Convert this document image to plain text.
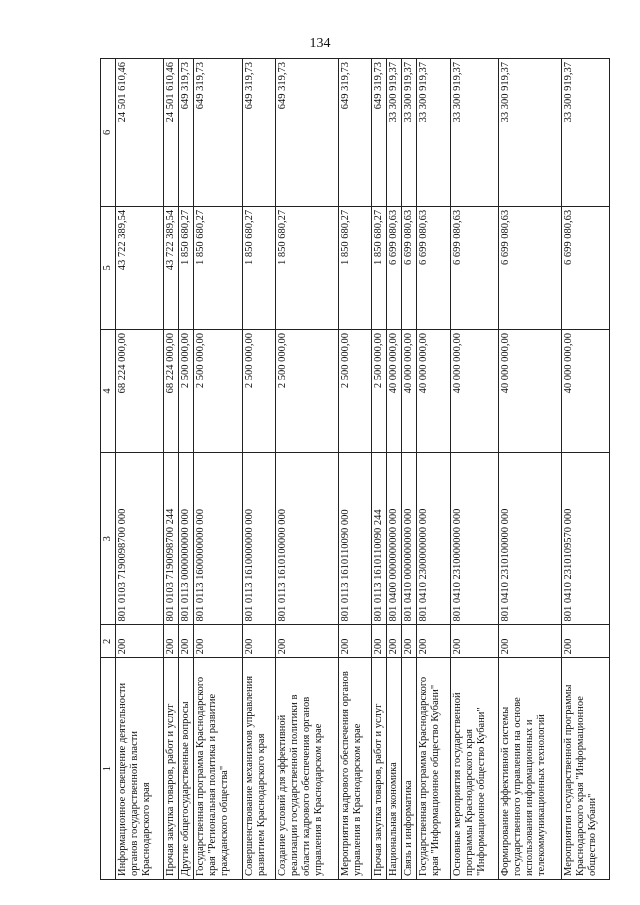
134
1	2	3	4	5	6
Информационное освещение деятельности органов государственной власти Краснодарского края	200	801 0103 7190098700 000	68 224 000,00	43 722 389,54	24 501 610,46
Прочая закупка товаров, работ и услуг	200	801 0103 7190098700 244	68 224 000,00	43 722 389,54	24 501 610,46
Другие общегосударственные вопросы	200	801 0113 0000000000 000	2 500 000,00	1 850 680,27	649 319,73
Государственная программа Краснодарского края "Региональная политика и развитие гражданского общества"	200	801 0113 1600000000 000	2 500 000,00	1 850 680,27	649 319,73
Совершенствование механизмов управления развитием Краснодарского края	200	801 0113 1610000000 000	2 500 000,00	1 850 680,27	649 319,73
Создание условий для эффективной реализации государственной политики в области кадрового обеспечения органов управления в Краснодарском крае	200	801 0113 1610100000 000	2 500 000,00	1 850 680,27	649 319,73
Мероприятия кадрового обеспечения органов управления в Краснодарском крае	200	801 0113 1610110090 000	2 500 000,00	1 850 680,27	649 319,73
Прочая закупка товаров, работ и услуг	200	801 0113 1610110090 244	2 500 000,00	1 850 680,27	649 319,73
Национальная экономика	200	801 0400 0000000000 000	40 000 000,00	6 699 080,63	33 300 919,37
Связь и информатика	200	801 0410 0000000000 000	40 000 000,00	6 699 080,63	33 300 919,37
Государственная программа Краснодарского края "Информационное общество Кубани"	200	801 0410 2300000000 000	40 000 000,00	6 699 080,63	33 300 919,37
Основные мероприятия государственной программы Краснодарского края "Информационное общество Кубани"	200	801 0410 2310000000 000	40 000 000,00	6 699 080,63	33 300 919,37
Формирование эффективной системы государственного управления на основе использования информационных и телекоммуникационных технологий	200	801 0410 2310100000 000	40 000 000,00	6 699 080,63	33 300 919,37
Мероприятия государственной программы Краснодарского края "Информационное общество Кубани"	200	801 0410 2310109570 000	40 000 000,00	6 699 080,63	33 300 919,37
